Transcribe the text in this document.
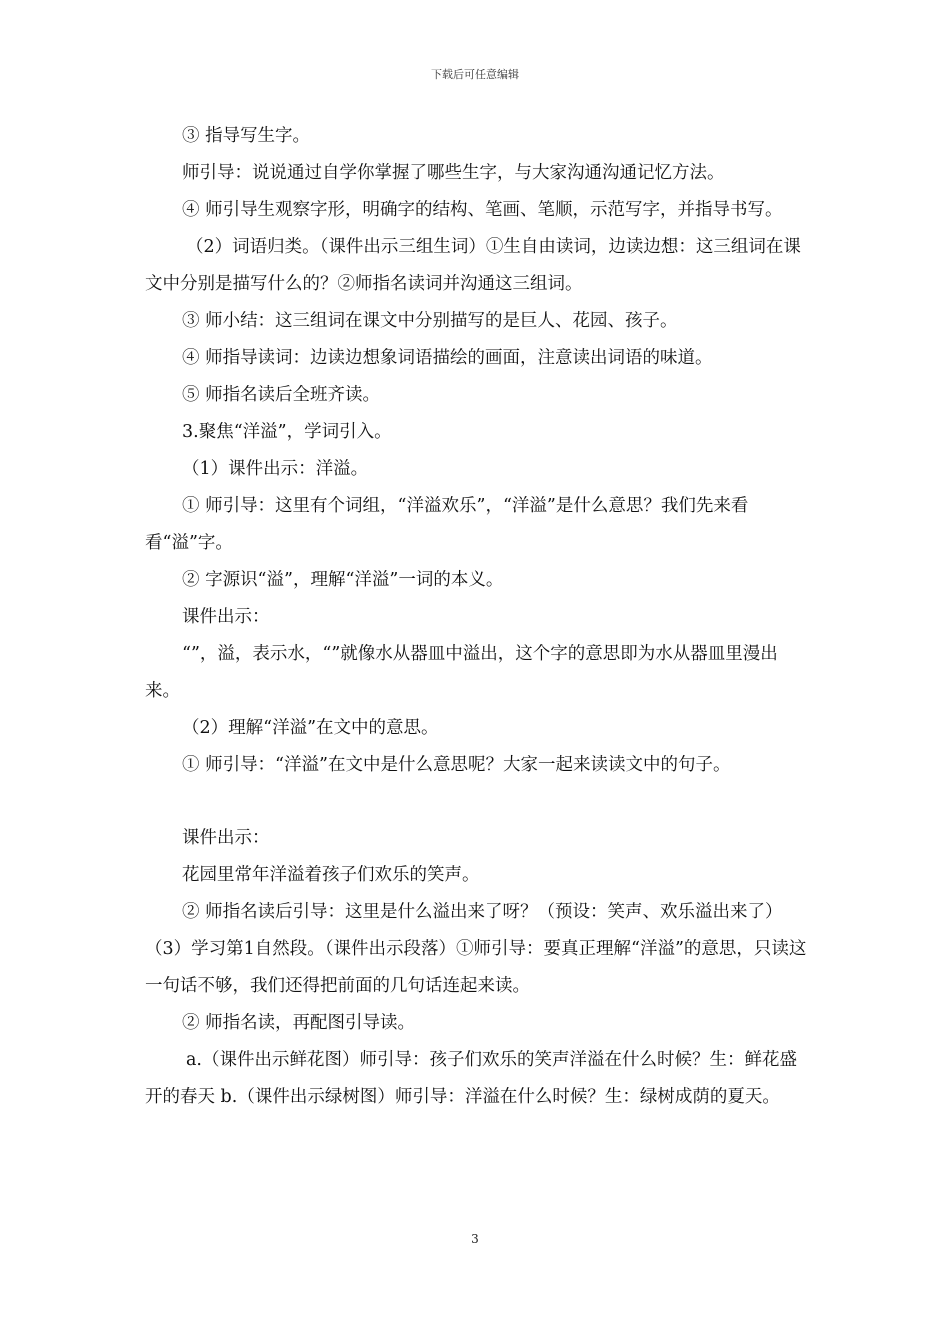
下载后可任意编辑

③ 指导写生字。

师引导：说说通过自学你掌握了哪些生字，与大家沟通沟通记忆方法。

④ 师引导生观察字形，明确字的结构、笔画、笔顺，示范写字，并指导书写。

（2）词语归类。（课件出示三组生词）①生自由读词，边读边想：这三组词在课文中分别是描写什么的？②师指名读词并沟通这三组词。

③ 师小结：这三组词在课文中分别描写的是巨人、花园、孩子。

④ 师指导读词：边读边想象词语描绘的画面，注意读出词语的味道。

⑤ 师指名读后全班齐读。

3.聚焦“洋溢”，学词引入。

（1）课件出示：洋溢。

① 师引导：这里有个词组，“洋溢欢乐”，“洋溢”是什么意思？我们先来看看“溢”字。

② 字源识“溢”，理解“洋溢”一词的本义。

课件出示：

“”，溢，表示水，“”就像水从器皿中溢出，这个字的意思即为水从器皿里漫出来。

（2）理解“洋溢”在文中的意思。

① 师引导：“洋溢”在文中是什么意思呢？大家一起来读读文中的句子。

课件出示：

花园里常年洋溢着孩子们欢乐的笑声。

② 师指名读后引导：这里是什么溢出来了呀？（预设：笑声、欢乐溢出来了）（3）学习第1自然段。（课件出示段落）①师引导：要真正理解“洋溢”的意思，只读这一句话不够，我们还得把前面的几句话连起来读。

② 师指名读，再配图引导读。

a.（课件出示鲜花图）师引导：孩子们欢乐的笑声洋溢在什么时候？生：鲜花盛开的春天 b.（课件出示绿树图）师引导：洋溢在什么时候？生：绿树成荫的夏天。

3
